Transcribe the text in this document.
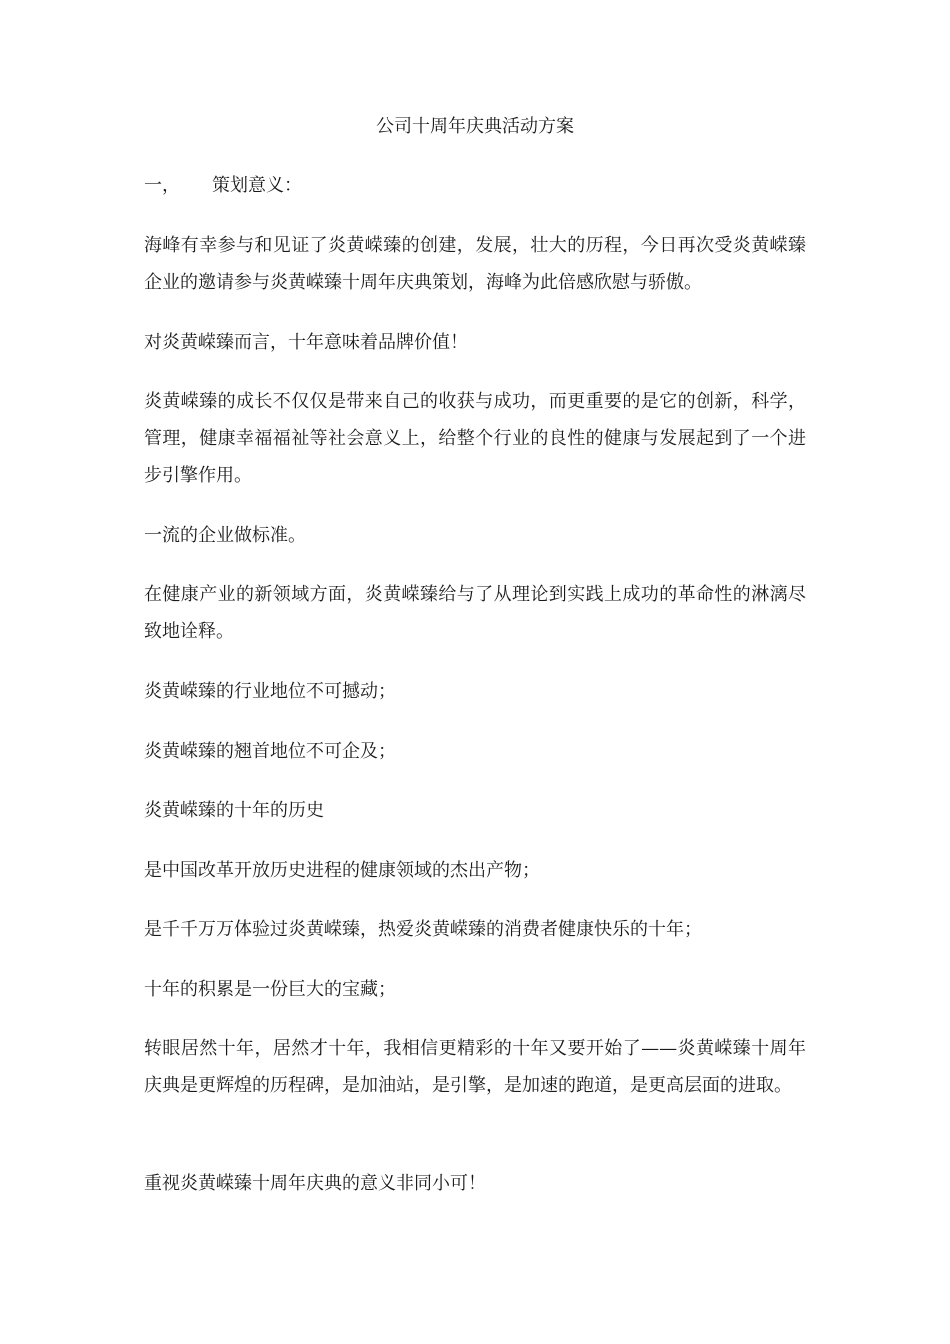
公司十周年庆典活动方案
一， 策划意义：

海峰有幸参与和见证了炎黄嵘臻的创建，发展，壮大的历程，今日再次受炎黄嵘臻企业的邀请参与炎黄嵘臻十周年庆典策划，海峰为此倍感欣慰与骄傲。

对炎黄嵘臻而言，十年意味着品牌价值！

炎黄嵘臻的成长不仅仅是带来自己的收获与成功，而更重要的是它的创新，科学，管理，健康幸福福祉等社会意义上，给整个行业的良性的健康与发展起到了一个进步引擎作用。

一流的企业做标准。

在健康产业的新领域方面，炎黄嵘臻给与了从理论到实践上成功的革命性的淋漓尽致地诠释。

炎黄嵘臻的行业地位不可撼动；

炎黄嵘臻的翘首地位不可企及；

炎黄嵘臻的十年的历史

是中国改革开放历史进程的健康领域的杰出产物；

是千千万万体验过炎黄嵘臻，热爱炎黄嵘臻的消费者健康快乐的十年；

十年的积累是一份巨大的宝藏；

转眼居然十年，居然才十年，我相信更精彩的十年又要开始了——炎黄嵘臻十周年庆典是更辉煌的历程碑，是加油站，是引擎，是加速的跑道，是更高层面的进取。

重视炎黄嵘臻十周年庆典的意义非同小可！
